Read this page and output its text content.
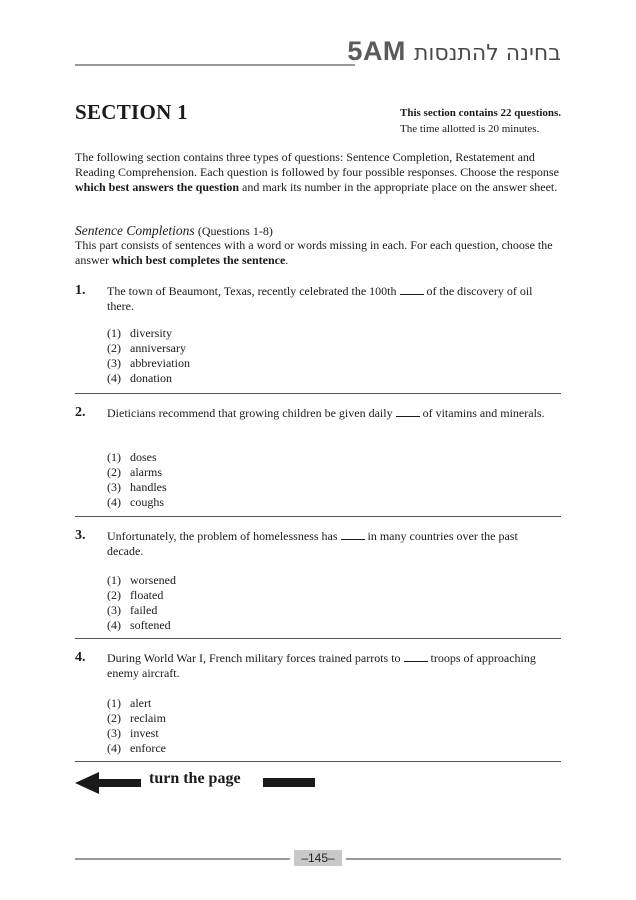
5AM בחינה להתנסות
SECTION 1	This section contains 22 questions.
The time allotted is 20 minutes.
The following section contains three types of questions: Sentence Completion, Restatement and Reading Comprehension. Each question is followed by four possible responses. Choose the response which best answers the question and mark its number in the appropriate place on the answer sheet.
Sentence Completions (Questions 1-8)
This part consists of sentences with a word or words missing in each. For each question, choose the answer which best completes the sentence.
1. The town of Beaumont, Texas, recently celebrated the 100th	of the discovery of oil there.
(1) diversity
(2) anniversary
(3) abbreviation
(4) donation
2. Dieticians recommend that growing children be given daily	of vitamins and minerals.
(1) doses
(2) alarms
(3) handles
(4) coughs
3. Unfortunately, the problem of homelessness has	in many countries over the past decade.
(1) worsened
(2) floated
(3) failed
(4) softened
4. During World War I, French military forces trained parrots to	troops of approaching enemy aircraft.
(1) alert
(2) reclaim
(3) invest
(4) enforce
turn the page
–145–
